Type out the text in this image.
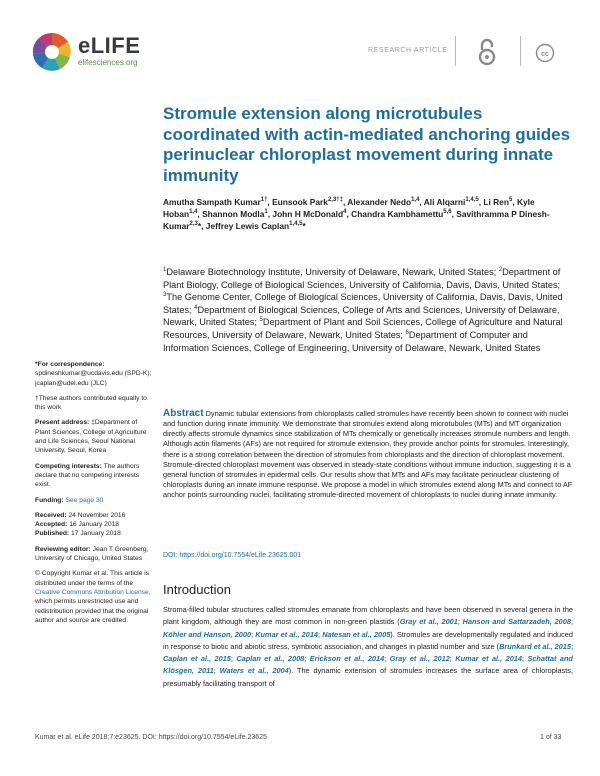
eLIFE
elifesciences.org
RESEARCH ARTICLE
cc
Stromule extension along microtubules coordinated with actin-mediated anchoring guides perinuclear chloroplast movement during innate immunity
Amutha Sampath Kumar$^{1\dagger}$, Eunsook Park$^{2,3\dagger\ddagger}$, Alexander Nedo$^{1,4}$, Ali Alqarni$^{1,4,5}$, Li Ren$^5$, Kyle Hoban$^{1,4}$, Shannon Modla$^1$, John H McDonald$^4$, Chandra Kambhamettu$^{5,6}$, Savithramma P Dinesh-Kumar$^{2,3}$*, Jeffrey Lewis Caplan$^{1,4,5}$*
$^1$Delaware Biotechnology Institute, University of Delaware, Newark, United States; $^2$Department of Plant Biology, College of Biological Sciences, University of California, Davis, Davis, United States; $^3$The Genome Center, College of Biological Sciences, University of California, Davis, Davis, United States; $^4$Department of Biological Sciences, College of Arts and Sciences, University of Delaware, Newark, United States; $^5$Department of Plant and Soil Sciences, College of Agriculture and Natural Resources, University of Delaware, Newark, United States; $^6$Department of Computer and Information Sciences, College of Engineering, University of Delaware, Newark, United States

*For correspondence:
spdineshkumar@ucdavis.edu (SPD-K); jcaplan@udel.edu (JLC)

†These authors contributed equally to this work

Present address: ‡Department of Plant Sciences, College of Agriculture and Life Sciences, Seoul National University, Seoul, Korea

Competing interests: The authors declare that no competing interests exist.

Funding: See page 30

Received: 24 November 2016
Accepted: 16 January 2018
Published: 17 January 2018

Reviewing editor: Jean T Greenberg, University of Chicago, United States

© Copyright Kumar et al. This article is distributed under the terms of the Creative Commons Attribution License, which permits unrestricted use and redistribution provided that the original author and source are credited.

Abstract Dynamic tubular extensions from chloroplasts called stromules have recently been shown to connect with nuclei and function during innate immunity. We demonstrate that stromules extend along microtubules (MTs) and MT organization directly affects stromule dynamics since stabilization of MTs chemically or genetically increases stromule numbers and length. Although actin filaments (AFs) are not required for stromule extension, they provide anchor points for stromules. Interestingly, there is a strong correlation between the direction of stromules from chloroplasts and the direction of chloroplast movement. Stromule-directed chloroplast movement was observed in steady-state conditions without immune induction, suggesting it is a general function of stromules in epidermal cells. Our results show that MTs and AFs may facilitate perinuclear clustering of chloroplasts during an innate immune response. We propose a model in which stromules extend along MTs and connect to AF anchor points surrounding nuclei, facilitating stromule-directed movement of chloroplasts to nuclei during innate immunity.

DOI: https://doi.org/10.7554/eLife.23625.001
Introduction

Stroma-filled tubular structures called stromules emanate from chloroplasts and have been observed in several genera in the plant kingdom, although they are most common in non-green plastids (Gray et al., 2001; Hanson and Sattarzadeh, 2008; Köhler and Hanson, 2000; Kumar et al., 2014; Natesan et al., 2005). Stromules are developmentally regulated and induced in response to biotic and abiotic stress, symbiotic association, and changes in plastid number and size (Brunkard et al., 2015; Caplan et al., 2015; Caplan et al., 2008; Erickson et al., 2014; Gray et al., 2012; Kumar et al., 2014; Schattat and Klösgen, 2011; Waters et al., 2004). The dynamic extension of stromules increases the surface area of chloroplasts, presumably facilitating transport of

Kumar et al. eLife 2018;7:e23625. DOI: https://doi.org/10.7554/eLife.23625	1 of 33
